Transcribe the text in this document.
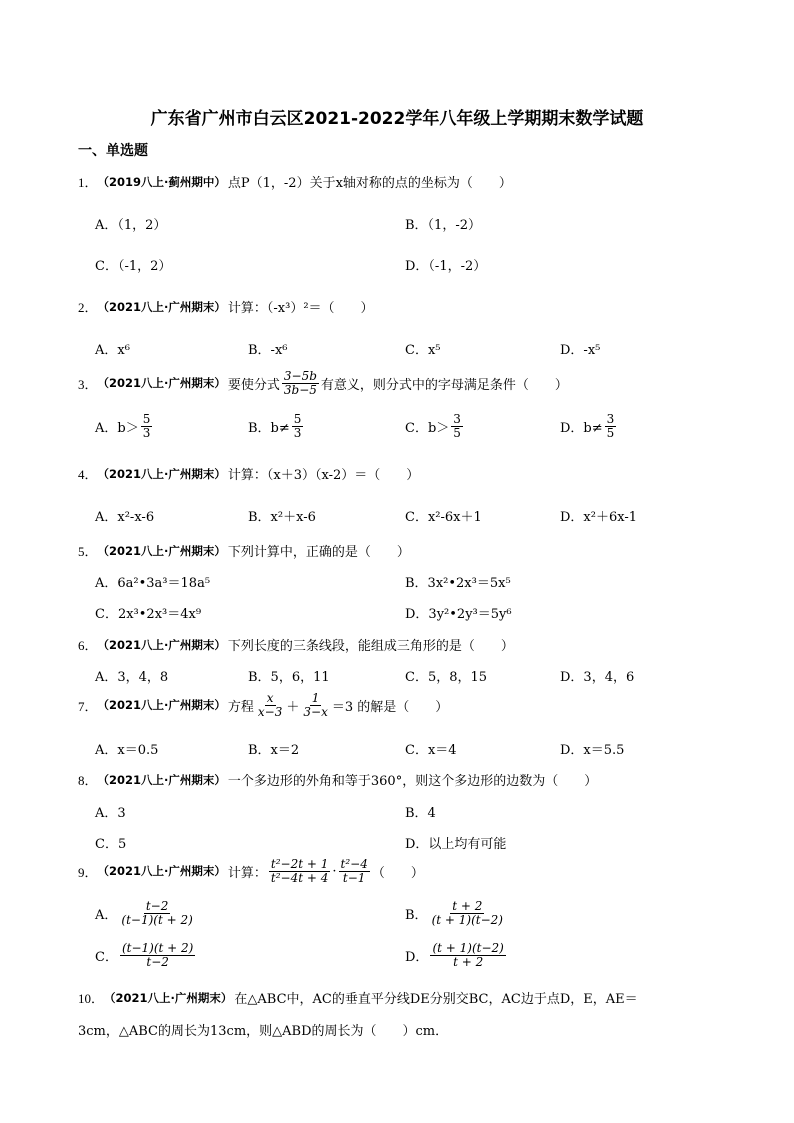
广东省广州市白云区2021-2022学年八年级上学期期末数学试题
一、单选题
1． （2019八上·蓟州期中） 点P（1，-2）关于x轴对称的点的坐标为（　　）
A．（1，2）	B．（1，-2）
C．（-1，2）	D．（-1，-2）
2． （2021八上·广州期末） 计算：（-x³）²＝（　　）
A．x⁶	B．-x⁶	C．x⁵	D．-x⁵
3． （2021八上·广州期末） 要使分式 $\frac{3-5b}{3b-5}$ 有意义，则分式中的字母满足条件（　　）
A．$b> \frac{5}{3}$	B．$b\ne \frac{5}{3}$	C．$b> \frac{3}{5}$	D．$b\ne \frac{3}{5}$
4． （2021八上·广州期末） 计算：（x＋3）（x-2）＝（　　）
A．x²-x-6	B．x²＋x-6	C．x²-6x＋1	D．x²＋6x-1
5． （2021八上·广州期末） 下列计算中，正确的是（　　）
A．6a²•3a³＝18a⁵	B．3x²•2x³＝5x⁵
C．2x³•2x³＝4x⁹	D．3y²•2y³＝5y⁶
6． （2021八上·广州期末） 下列长度的三条线段，能组成三角形的是（　　）
A．3，4，8	B．5，6，11	C．5，8，15	D．3，4，6
7． （2021八上·广州期末） 方程 $\frac{x}{x-3} + \frac{1}{3-x} =3$ 的解是（　　）
A．x＝0.5	B．x＝2	C．x＝4	D．x＝5.5
8． （2021八上·广州期末） 一个多边形的外角和等于360°，则这个多边形的边数为（　　）
A．3	B．4
C．5	D．以上均有可能
9． （2021八上·广州期末） 计算： $\frac{\text{t²−2t + 1}}{\text{t²−4t + 4}} \cdot \frac{\text{t²−4}}{t-1}$ （　　）
A． $\frac{t-2}{(t-1)(t + 2)}$	B． $\frac{t + 2}{(t + 1)(t-2)}$
C． $\frac{(t-1)(t + 2)}{t-2}$	D． $\frac{(t + 1)(t-2)}{t + 2}$
10． （2021八上·广州期末） 在△ABC中，AC的垂直平分线DE分别交BC，AC边于点D，E，AE＝
3cm，△ABC的周长为13cm，则△ABD的周长为（　　）cm．
